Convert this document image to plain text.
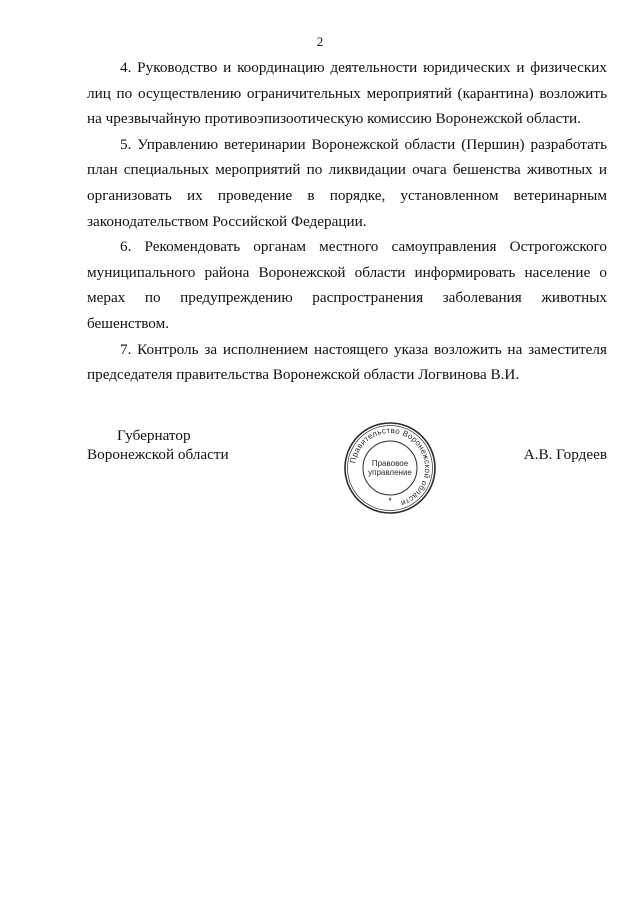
2

4. Руководство и координацию деятельности юридических и физических лиц по осуществлению ограничительных мероприятий (карантина) возложить на чрезвычайную противоэпизоотическую комиссию Воронежской области.

5. Управлению ветеринарии Воронежской области (Першин) разработать план специальных мероприятий по ликвидации очага бешенства животных и организовать их проведение в порядке, установленном ветеринарным законодательством Российской Федерации.

6. Рекомендовать органам местного самоуправления Острогожского муниципального района Воронежской области информировать население о мерах по предупреждению распространения заболевания животных бешенством.

7. Контроль за исполнением настоящего указа возложить на заместителя председателя правительства Воронежской области Логвинова В.И.

Губернатор
Воронежской области	Правительство Воронежской области
Правовое
управление
*
А.В. Гордеев
